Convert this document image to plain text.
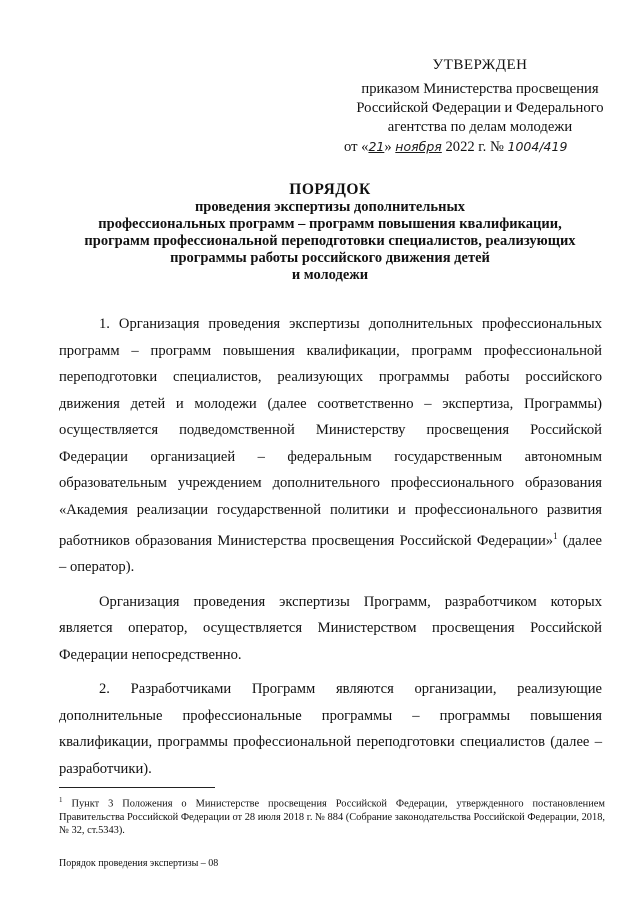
УТВЕРЖДЕН
приказом Министерства просвещения
Российской Федерации и Федерального
агентства по делам молодежи
от «21» ноября 2022 г. № 1004/419
ПОРЯДОК
проведения экспертизы дополнительных
профессиональных программ – программ повышения квалификации,
программ профессиональной переподготовки специалистов, реализующих
программы работы российского движения детей
и молодежи

1. Организация проведения экспертизы дополнительных профессиональных программ – программ повышения квалификации, программ профессиональной переподготовки специалистов, реализующих программы работы российского движения детей и молодежи (далее соответственно – экспертиза, Программы) осуществляется подведомственной Министерству просвещения Российской Федерации организацией – федеральным государственным автономным образовательным учреждением дополнительного профессионального образования «Академия реализации государственной политики и профессионального развития работников образования Министерства просвещения Российской Федерации»$^1$ (далее – оператор).

Организация проведения экспертизы Программ, разработчиком которых является оператор, осуществляется Министерством просвещения Российской Федерации непосредственно.

2. Разработчиками Программ являются организации, реализующие дополнительные профессиональные программы – программы повышения квалификации, программы профессиональной переподготовки специалистов (далее – разработчики).

$^1$ Пункт 3 Положения о Министерстве просвещения Российской Федерации, утвержденного постановлением Правительства Российской Федерации от 28 июля 2018 г. № 884 (Собрание законодательства Российской Федерации, 2018, № 32, ст.5343).
Порядок проведения экспертизы – 08
